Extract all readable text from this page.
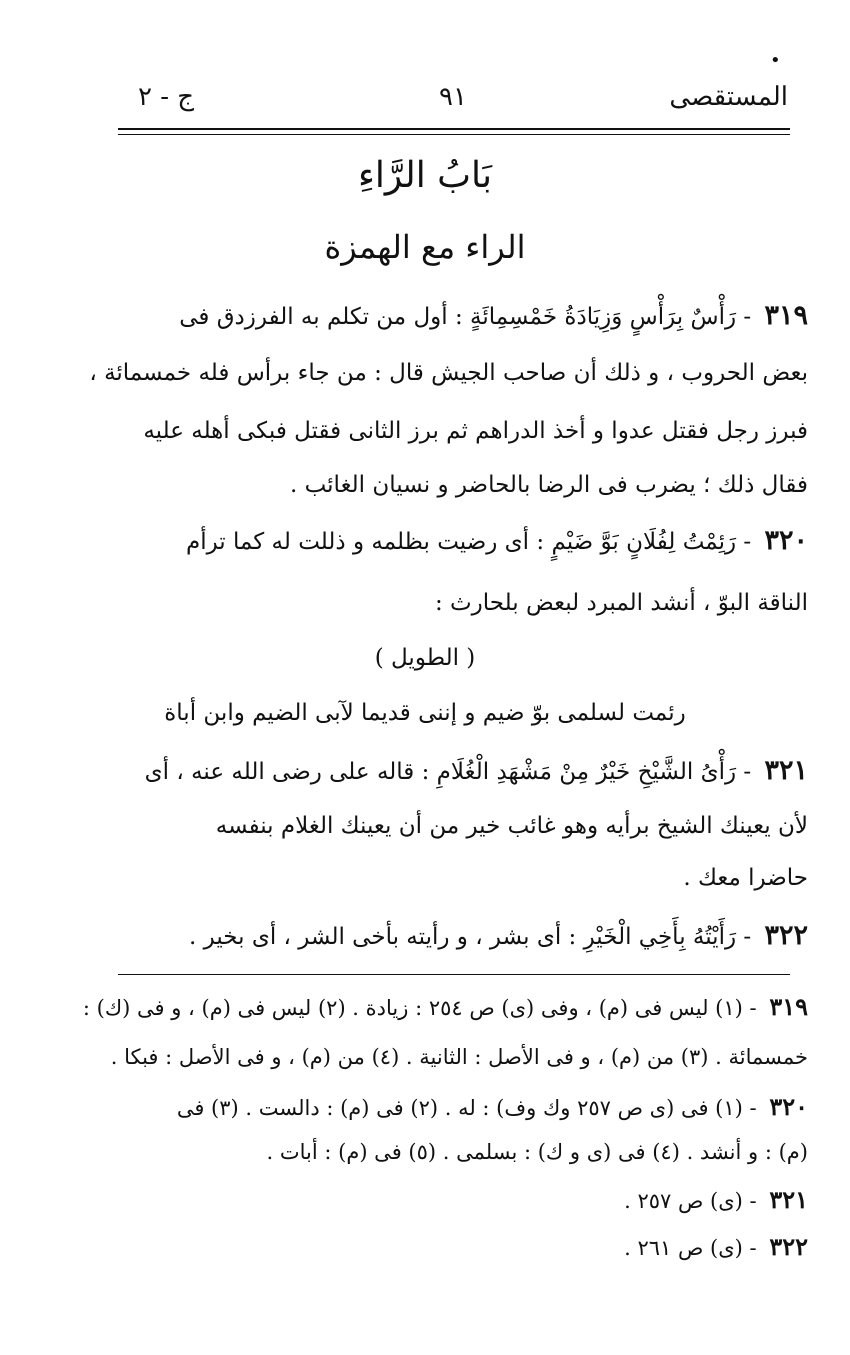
•
المستقصى
٩١
ج - ٢
بَابُ الرَّاءِ
الراء مع الهمزة
٣١٩ - رَأْسٌ بِرَأْسٍ وَزِيَادَةُ خَمْسِمِائَةٍ : أول من تكلم به الفرزدق فى
بعض الحروب ، و ذلك أن صاحب الجيش قال : من جاء برأس فله خمسمائة ،
فبرز رجل فقتل عدوا و أخذ الدراهم ثم برز الثانى فقتل فبكى أهله عليه
فقال ذلك ؛ يضرب فى الرضا بالحاضر و نسيان الغائب .
٣٢٠ - رَئِمْتُ لِفُلَانٍ بَوَّ ضَيْمٍ : أى رضيت بظلمه و ذللت له كما ترأم
الناقة البوّ ، أنشد المبرد لبعض بلحارث :
( الطويل )
رئمت لسلمى بوّ ضيم و إننى قديما لآبى الضيم وابن أباة
٣٢١ - رَأْىُ الشَّيْخِ خَيْرٌ مِنْ مَشْهَدِ الْغُلَامِ : قاله على رضى الله عنه ، أى
لأن يعينك الشيخ برأيه وهو غائب خير من أن يعينك الغلام بنفسه
حاضرا معك .
٣٢٢ - رَأَيْتُهُ بِأَخِي الْخَيْرِ : أى بشر ، و رأيته بأخى الشر ، أى بخير .
٣١٩ - (١) ليس فى (م) ، وفى (ى) ص ٢٥٤ : زيادة . (٢) ليس فى (م) ، و فى (ك) :
خمسمائة . (٣) من (م) ، و فى الأصل : الثانية . (٤) من (م) ، و فى الأصل : فبكا .
٣٢٠ - (١) فى (ى ص ٢٥٧ وك وف) : له . (٢) فى (م) : دالست . (٣) فى
(م) : و أنشد . (٤) فى (ى و ك) : بسلمى . (٥) فى (م) : أبات .
٣٢١ - (ى) ص ٢٥٧ .
٣٢٢ - (ى) ص ٢٦١ .
